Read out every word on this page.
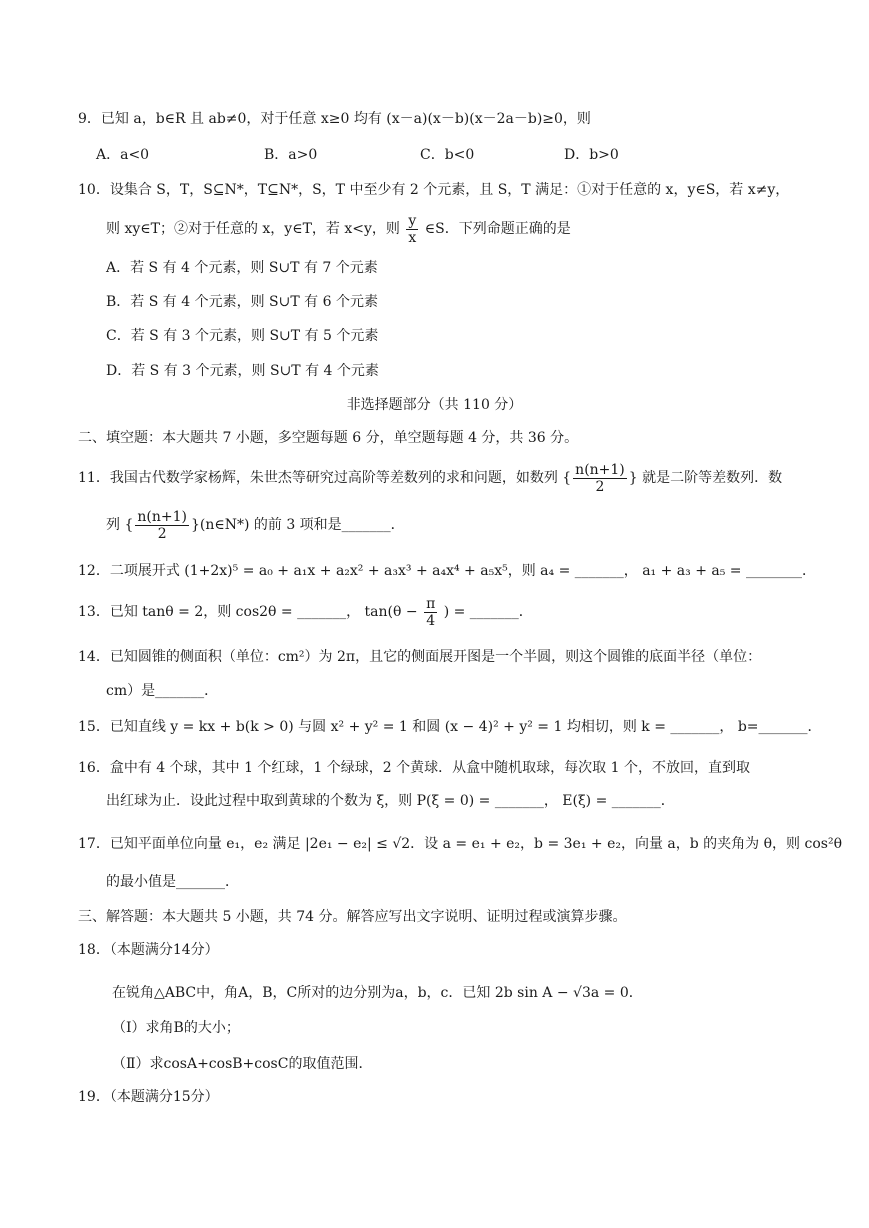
9．已知 a，b∈R 且 ab≠0，对于任意 x≥0 均有 (x－a)(x－b)(x－2a－b)≥0，则
A．a<0	B．a>0	C．b<0	D．b>0
10．设集合 S，T，S⊆N*，T⊆N*，S，T 中至少有 2 个元素，且 S，T 满足：①对于任意的 x，y∈S，若 x≠y，
则 xy∈T；②对于任意的 x，y∈T，若 x<y，则 $\frac{y}{x}$ ∈S．下列命题正确的是
A．若 S 有 4 个元素，则 S∪T 有 7 个元素
B．若 S 有 4 个元素，则 S∪T 有 6 个元素
C．若 S 有 3 个元素，则 S∪T 有 5 个元素
D．若 S 有 3 个元素，则 S∪T 有 4 个元素
非选择题部分（共 110 分）
二、填空题：本大题共 7 小题，多空题每题 6 分，单空题每题 4 分，共 36 分。
11．我国古代数学家杨辉，朱世杰等研究过高阶等差数列的求和问题，如数列 { $\frac{n(n+1)}{2}$ } 就是二阶等差数列．数
列 { $\frac{n(n+1)}{2}$ }(n∈N*) 的前 3 项和是_______．
12．二项展开式 (1+2x)⁵ = a₀ + a₁x + a₂x² + a₃x³ + a₄x⁴ + a₅x⁵，则 a₄ = _______， a₁ + a₃ + a₅ = ________．
13．已知 tanθ = 2，则 cos2θ = _______， $\tan(\theta - \frac{\pi}{4}$ ) = _______．
14．已知圆锥的侧面积（单位：cm²）为 2π，且它的侧面展开图是一个半圆，则这个圆锥的底面半径（单位：
cm）是_______．
15．已知直线 y = kx + b(k > 0) 与圆 x² + y² = 1 和圆 (x − 4)² + y² = 1 均相切，则 k = _______， b=_______．
16．盒中有 4 个球，其中 1 个红球，1 个绿球，2 个黄球．从盒中随机取球，每次取 1 个，不放回，直到取
出红球为止．设此过程中取到黄球的个数为 ξ，则 P(ξ = 0) = _______， E(ξ) = _______．
17．已知平面单位向量 e₁，e₂ 满足 |2e₁ − e₂| ≤ √2．设 a = e₁ + e₂，b = 3e₁ + e₂，向量 a，b 的夹角为 θ，则 cos²θ
的最小值是_______．
三、解答题：本大题共 5 小题，共 74 分。解答应写出文字说明、证明过程或演算步骤。
18．（本题满分14分）
在锐角△ABC中，角A，B，C所对的边分别为a，b，c．已知 2b sin A − √3a = 0．
（Ⅰ）求角B的大小；
（Ⅱ）求cosA+cosB+cosC的取值范围．
19．（本题满分15分）
